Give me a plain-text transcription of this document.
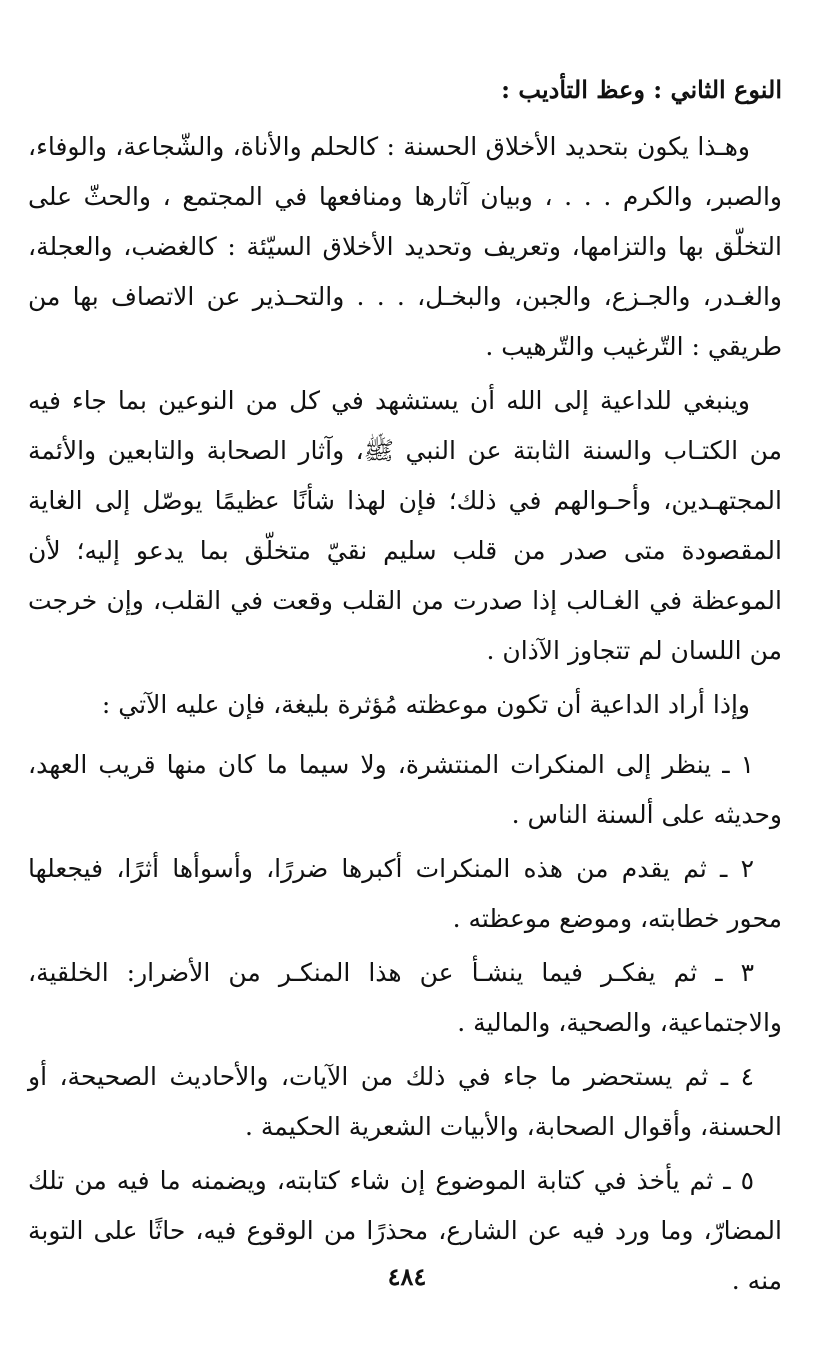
النوع الثاني : وعظ التأديب :

وهـذا يكون بتحديد الأخلاق الحسنة : كالحلم والأناة، والشّجاعة، والوفاء، والصبر، والكرم . . . ، وبيان آثارها ومنافعها في المجتمع ، والحثّ على التخلّق بها والتزامها، وتعريف وتحديد الأخلاق السيّئة : كالغضب، والعجلة، والغـدر، والجـزع، والجبن، والبخـل، . . . والتحـذير عن الاتصاف بها من طريقي : التّرغيب والتّرهيب .

وينبغي للداعية إلى الله أن يستشهد في كل من النوعين بما جاء فيه من الكتـاب والسنة الثابتة عن النبي ﷺ، وآثار الصحابة والتابعين والأئمة المجتهـدين، وأحـوالهم في ذلك؛ فإن لهذا شأنًا عظيمًا يوصّل إلى الغاية المقصودة متى صدر من قلب سليم نقيّ متخلّق بما يدعو إليه؛ لأن الموعظة في الغـالب إذا صدرت من القلب وقعت في القلب، وإن خرجت من اللسان لم تتجاوز الآذان .

وإذا أراد الداعية أن تكون موعظته مُؤثرة بليغة، فإن عليه الآتي :

١ ـ ينظر إلى المنكرات المنتشرة، ولا سيما ما كان منها قريب العهد، وحديثه على ألسنة الناس .

٢ ـ ثم يقدم من هذه المنكرات أكبرها ضررًا، وأسوأها أثرًا، فيجعلها محور خطابته، وموضع موعظته .

٣ ـ ثم يفكـر فيما ينشـأ عن هذا المنكـر من الأضرار: الخلقية، والاجتماعية، والصحية، والمالية .

٤ ـ ثم يستحضر ما جاء في ذلك من الآيات، والأحاديث الصحيحة، أو الحسنة، وأقوال الصحابة، والأبيات الشعرية الحكيمة .

٥ ـ ثم يأخذ في كتابة الموضوع إن شاء كتابته، ويضمنه ما فيه من تلك المضارّ، وما ورد فيه عن الشارع، محذرًا من الوقوع فيه، حاثًا على التوبة منه .

٤٨٤
